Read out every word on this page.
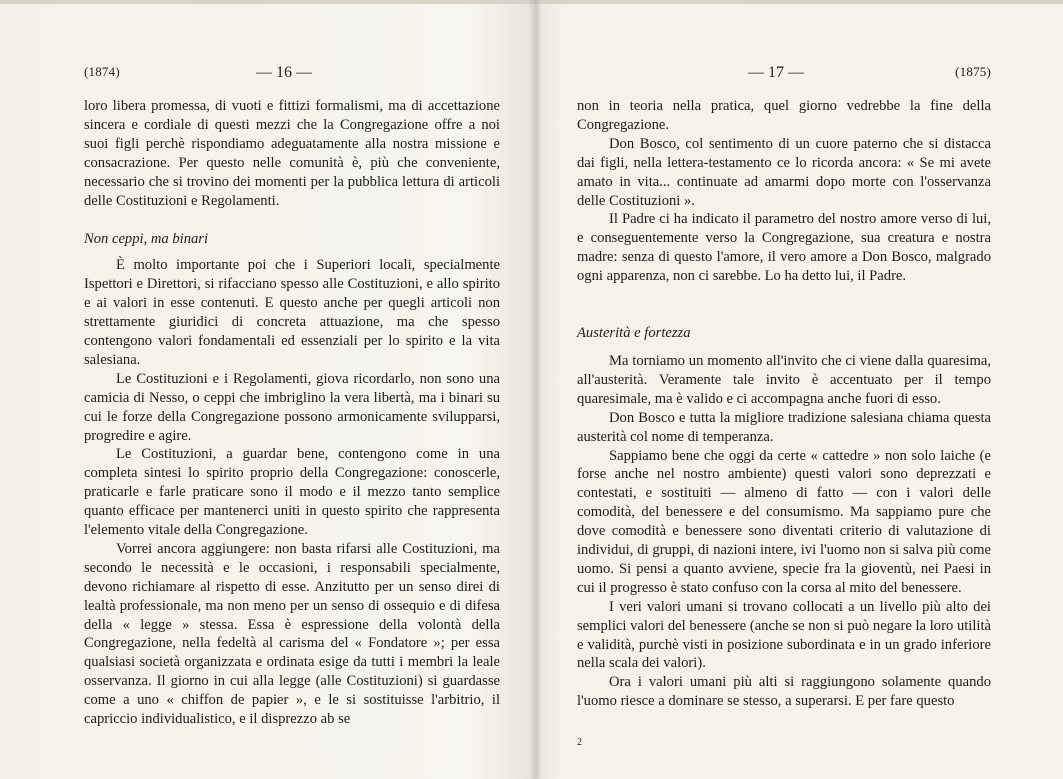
(1874)	— 16 —

loro libera promessa, di vuoti e fittizi formalismi, ma di accettazione sincera e cordiale di questi mezzi che la Congregazione offre a noi suoi figli perchè rispondiamo adeguatamente alla nostra missione e consacrazione. Per questo nelle comunità è, più che conveniente, necessario che si trovino dei momenti per la pubblica lettura di articoli delle Costituzioni e Regolamenti.

Non ceppi, ma binari

È molto importante poi che i Superiori locali, specialmente Ispettori e Direttori, si rifacciano spesso alle Costituzioni, e allo spirito e ai valori in esse contenuti. E questo anche per quegli articoli non strettamente giuridici di concreta attuazione, ma che spesso contengono valori fondamentali ed essenziali per lo spirito e la vita salesiana.

Le Costituzioni e i Regolamenti, giova ricordarlo, non sono una camicia di Nesso, o ceppi che imbriglino la vera libertà, ma i binari su cui le forze della Congregazione possono armonicamente svilupparsi, progredire e agire.

Le Costituzioni, a guardar bene, contengono come in una completa sintesi lo spirito proprio della Congregazione: conoscerle, praticarle e farle praticare sono il modo e il mezzo tanto semplice quanto efficace per mantenerci uniti in questo spirito che rappresenta l'elemento vitale della Congregazione.

Vorrei ancora aggiungere: non basta rifarsi alle Costituzioni, ma secondo le necessità e le occasioni, i responsabili specialmente, devono richiamare al rispetto di esse. Anzitutto per un senso direi di lealtà professionale, ma non meno per un senso di ossequio e di difesa della « legge » stessa. Essa è espressione della volontà della Congregazione, nella fedeltà al carisma del « Fondatore »; per essa qualsiasi società organizzata e ordinata esige da tutti i membri la leale osservanza. Il giorno in cui alla legge (alle Costituzioni) si guardasse come a uno « chiffon de papier », e le si sostituisse l'arbitrio, il capriccio individualistico, e il disprezzo ab se

— 17 —	(1875)

non in teoria nella pratica, quel giorno vedrebbe la fine della Congregazione.

Don Bosco, col sentimento di un cuore paterno che si distacca dai figli, nella lettera-testamento ce lo ricorda ancora: « Se mi avete amato in vita... continuate ad amarmi dopo morte con l'osservanza delle Costituzioni ».

Il Padre ci ha indicato il parametro del nostro amore verso di lui, e conseguentemente verso la Congregazione, sua creatura e nostra madre: senza di questo l'amore, il vero amore a Don Bosco, malgrado ogni apparenza, non ci sarebbe. Lo ha detto lui, il Padre.

Austerità e fortezza

Ma torniamo un momento all'invito che ci viene dalla quaresima, all'austerità. Veramente tale invito è accentuato per il tempo quaresimale, ma è valido e ci accompagna anche fuori di esso.

Don Bosco e tutta la migliore tradizione salesiana chiama questa austerità col nome di temperanza.

Sappiamo bene che oggi da certe « cattedre » non solo laiche (e forse anche nel nostro ambiente) questi valori sono deprezzati e contestati, e sostituiti — almeno di fatto — con i valori delle comodità, del benessere e del consumismo. Ma sappiamo pure che dove comodità e benessere sono diventati criterio di valutazione di individui, di gruppi, di nazioni intere, ivi l'uomo non si salva più come uomo. Si pensi a quanto avviene, specie fra la gioventù, nei Paesi in cui il progresso è stato confuso con la corsa al mito del benessere.

I veri valori umani si trovano collocati a un livello più alto dei semplici valori del benessere (anche se non si può negare la loro utilità e validità, purchè visti in posizione subordinata e in un grado inferiore nella scala dei valori).

Ora i valori umani più alti si raggiungono solamente quando l'uomo riesce a dominare se stesso, a superarsi. E per fare questo

2
